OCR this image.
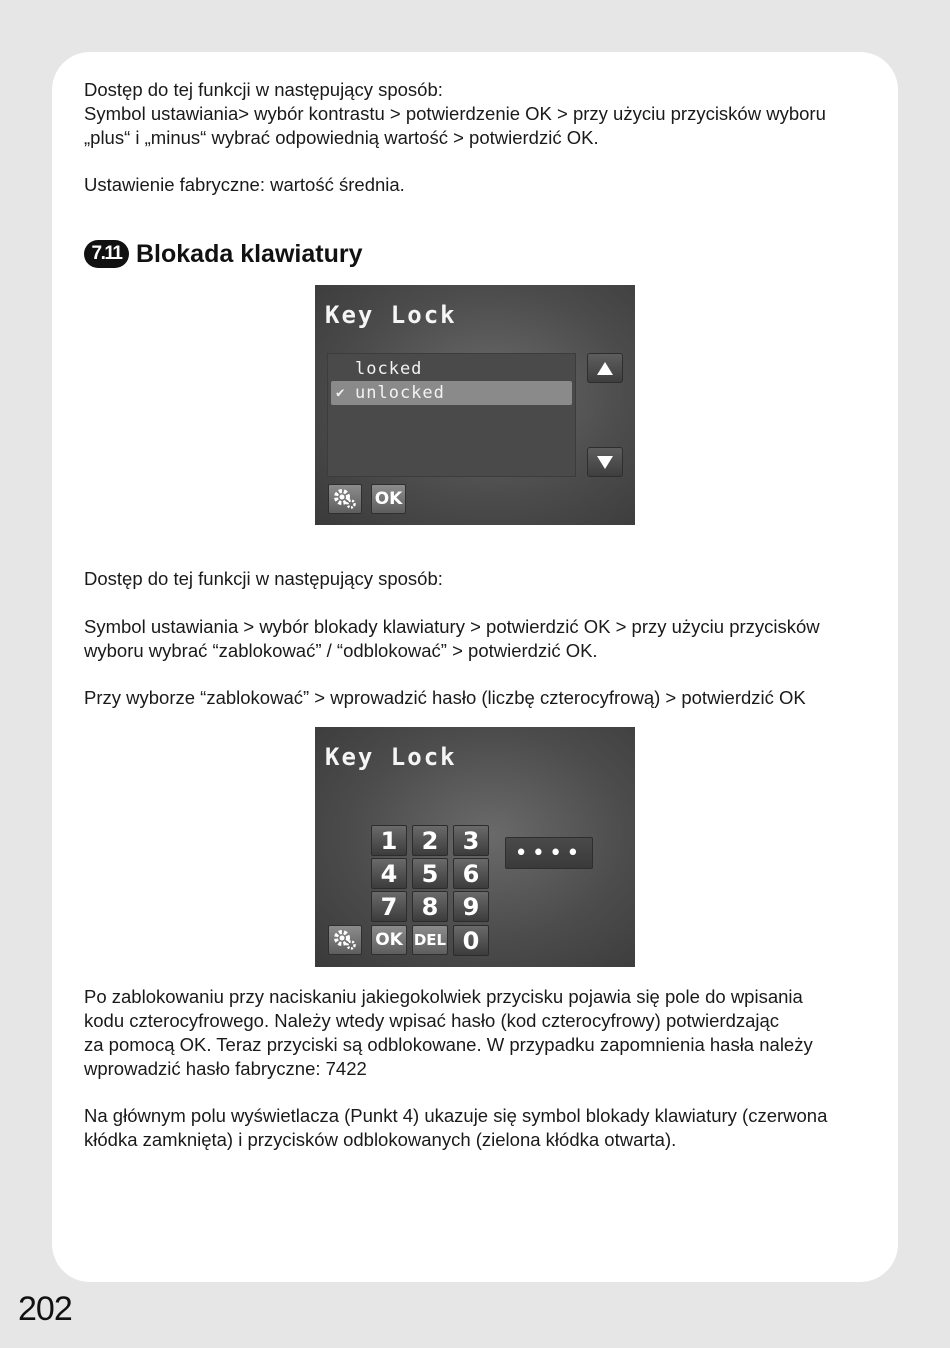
Dostęp do tej funkcji w następujący sposób:

Symbol ustawiania> wybór kontrastu > potwierdzenie OK > przy użyciu przycisków wyboru
„plus“ i „minus“ wybrać odpowiednią wartość > potwierdzić OK.

Ustawienie fabryczne: wartość średnia.

7.11 Blokada klawiatury
Key Lock
locked
✔ unlocked
OK

Dostęp do tej funkcji w następujący sposób:

Symbol ustawiania > wybór blokady klawiatury > potwierdzić OK > przy użyciu przycisków
wyboru wybrać “zablokować” / “odblokować” > potwierdzić OK.

Przy wyborze “zablokować” > wprowadzić hasło (liczbę czterocyfrową) > potwierdzić OK

Key Lock
1	2	3
4	5	6
7	8	9
OK DEL 0
••••

Po zablokowaniu przy naciskaniu jakiegokolwiek przycisku pojawia się pole do wpisania
kodu czterocyfrowego. Należy wtedy wpisać hasło (kod czterocyfrowy) potwierdzając
za pomocą OK. Teraz przyciski są odblokowane. W przypadku zapomnienia hasła należy
wprowadzić hasło fabryczne: 7422

Na głównym polu wyświetlacza (Punkt 4) ukazuje się symbol blokady klawiatury (czerwona
kłódka zamknięta) i przycisków odblokowanych (zielona kłódka otwarta).

202
